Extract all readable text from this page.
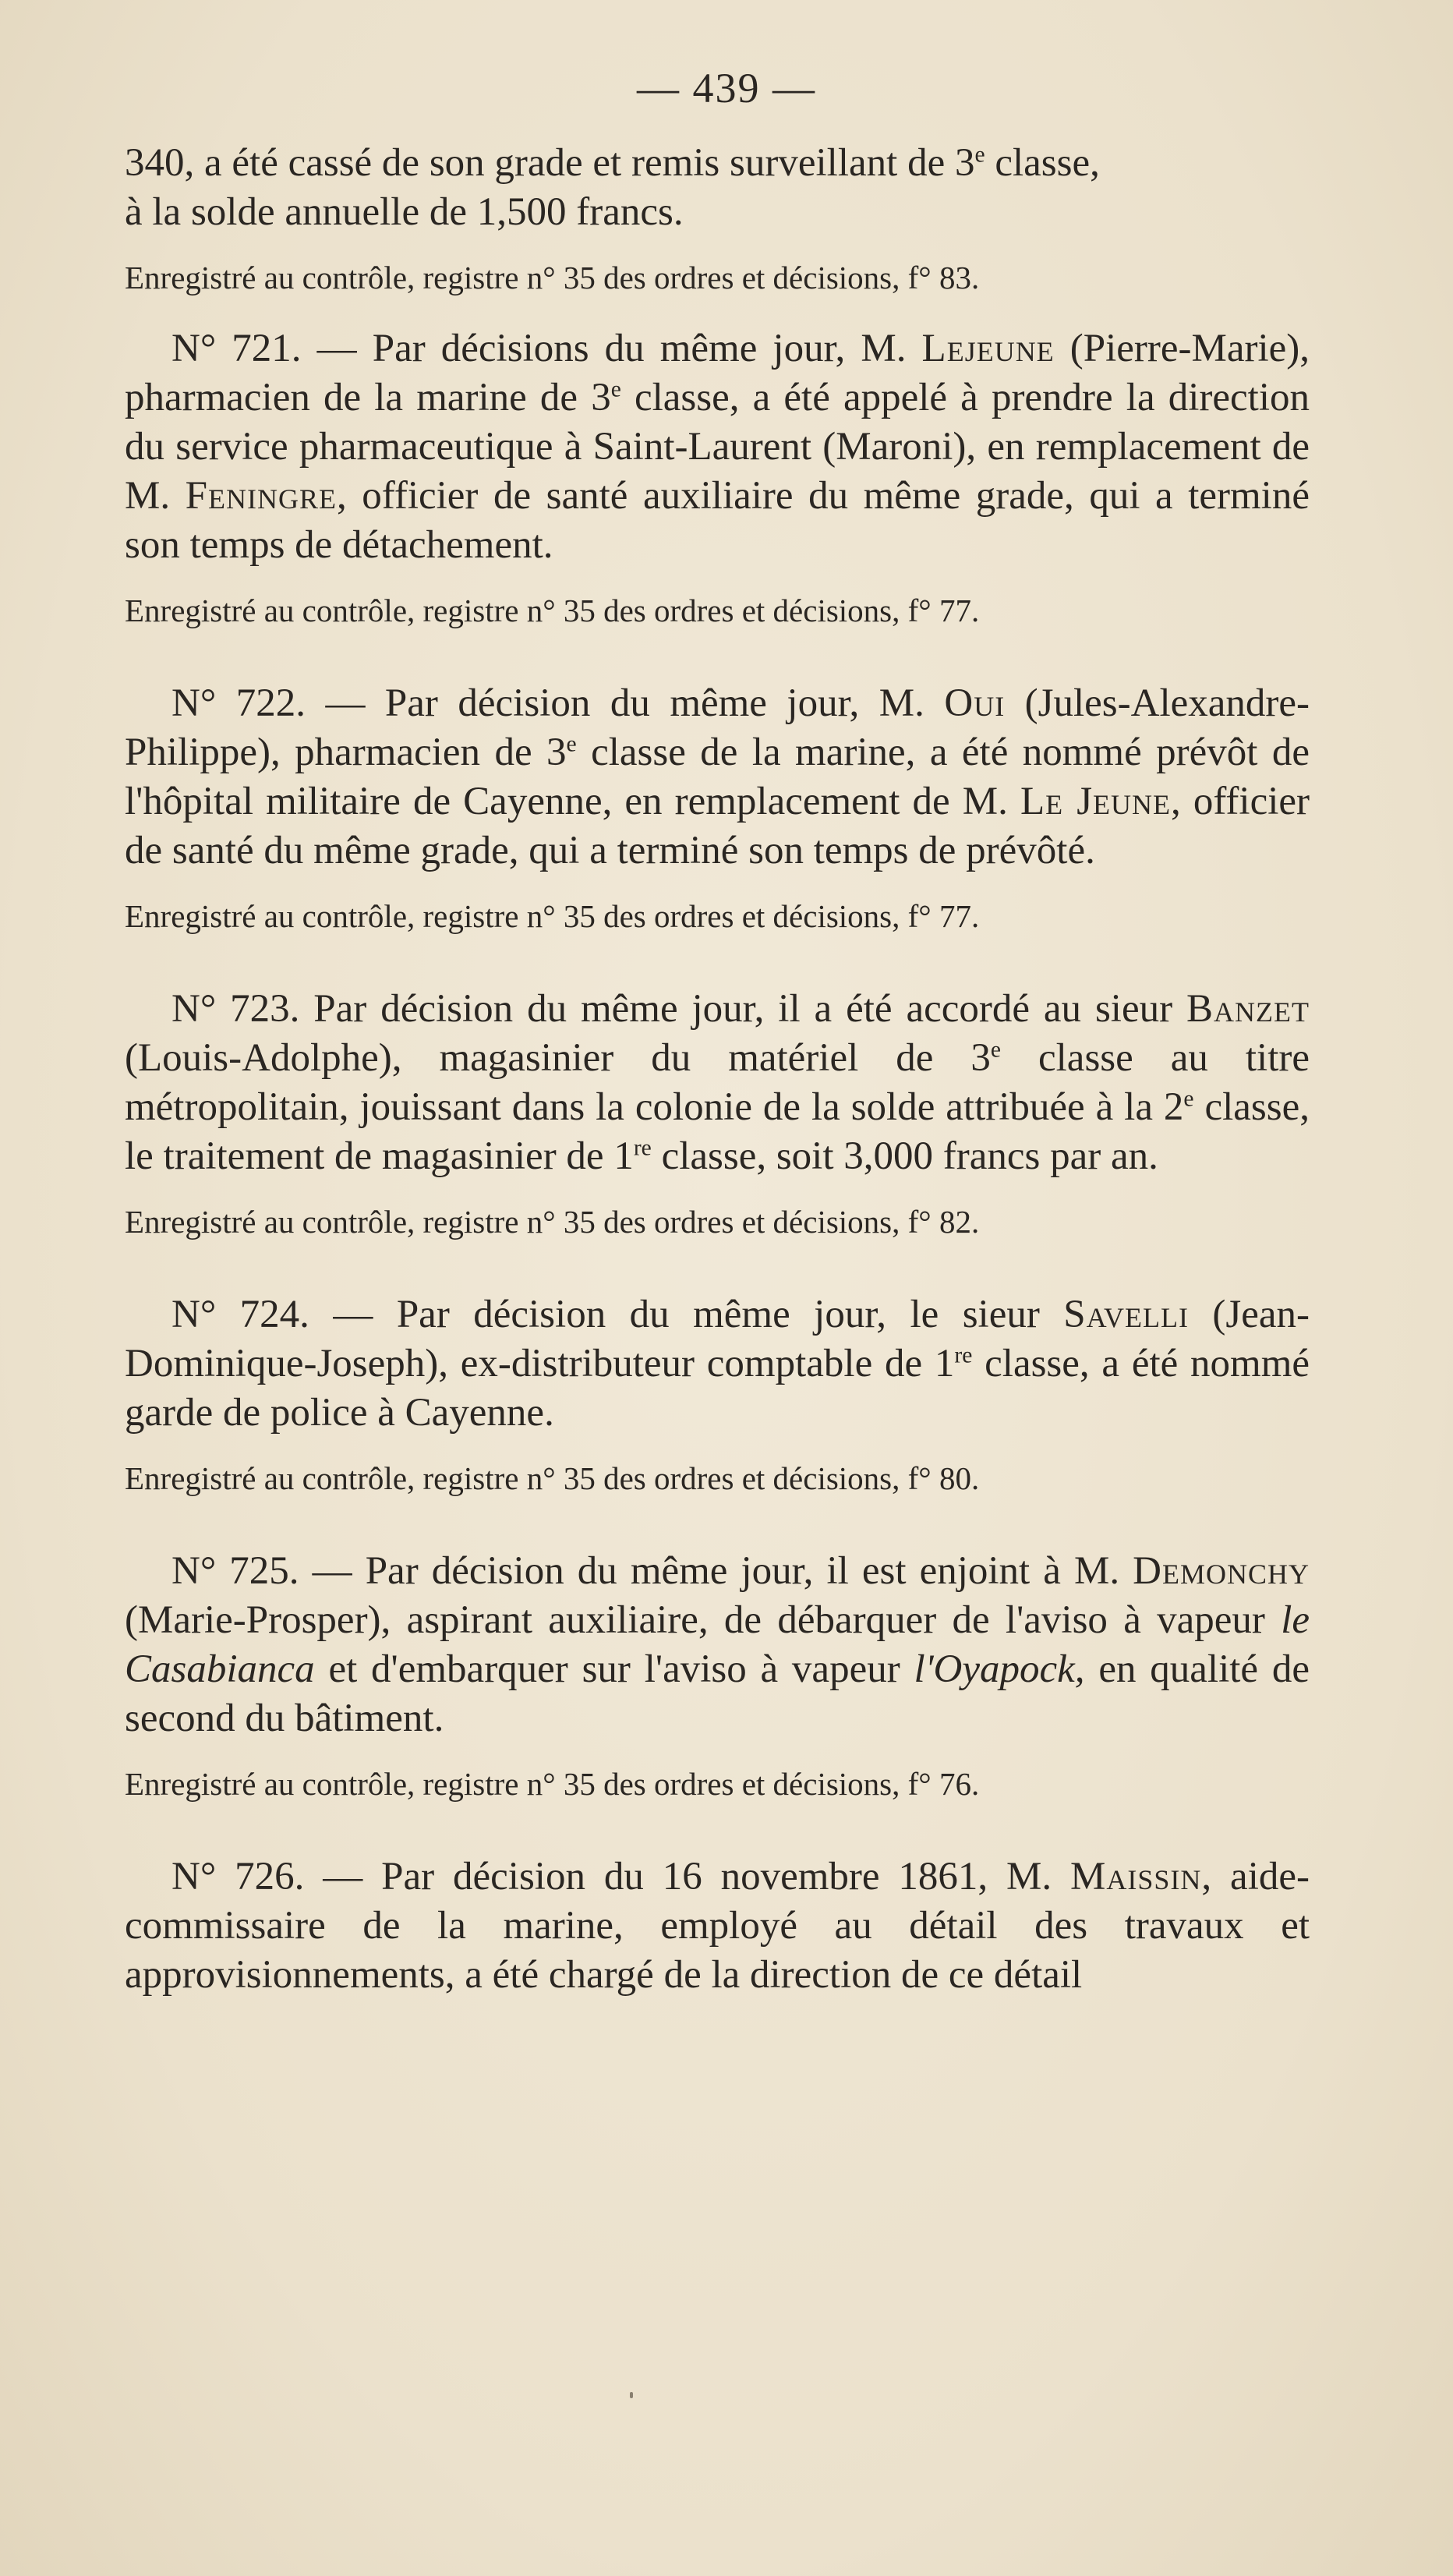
— 439 —

340, a été cassé de son grade et remis surveillant de 3e classe,
à la solde annuelle de 1,500 francs.

Enregistré au contrôle, registre n° 35 des ordres et décisions, f° 83.

N° 721. — Par décisions du même jour, M. Lejeune (Pierre-Marie), pharmacien de la marine de 3e classe, a été appelé à prendre la direction du service pharmaceutique à Saint-Laurent (Maroni), en remplacement de M. Feningre, officier de santé auxiliaire du même grade, qui a terminé son temps de détachement.

Enregistré au contrôle, registre n° 35 des ordres et décisions, f° 77.

N° 722. — Par décision du même jour, M. Oui (Jules-Alexandre-Philippe), pharmacien de 3e classe de la marine, a été nommé prévôt de l'hôpital militaire de Cayenne, en remplacement de M. Le Jeune, officier de santé du même grade, qui a terminé son temps de prévôté.

Enregistré au contrôle, registre n° 35 des ordres et décisions, f° 77.

N° 723. Par décision du même jour, il a été accordé au sieur Banzet (Louis-Adolphe), magasinier du matériel de 3e classe au titre métropolitain, jouissant dans la colonie de la solde attribuée à la 2e classe, le traitement de magasinier de 1re classe, soit 3,000 francs par an.

Enregistré au contrôle, registre n° 35 des ordres et décisions, f° 82.

N° 724. — Par décision du même jour, le sieur Savelli (Jean-Dominique-Joseph), ex-distributeur comptable de 1re classe, a été nommé garde de police à Cayenne.

Enregistré au contrôle, registre n° 35 des ordres et décisions, f° 80.

N° 725. — Par décision du même jour, il est enjoint à M. Demonchy (Marie-Prosper), aspirant auxiliaire, de débarquer de l'aviso à vapeur le Casabianca et d'embarquer sur l'aviso à vapeur l'Oyapock, en qualité de second du bâtiment.

Enregistré au contrôle, registre n° 35 des ordres et décisions, f° 76.

N° 726. — Par décision du 16 novembre 1861, M. Maissin, aide-commissaire de la marine, employé au détail des travaux et approvisionnements, a été chargé de la direction de ce détail
